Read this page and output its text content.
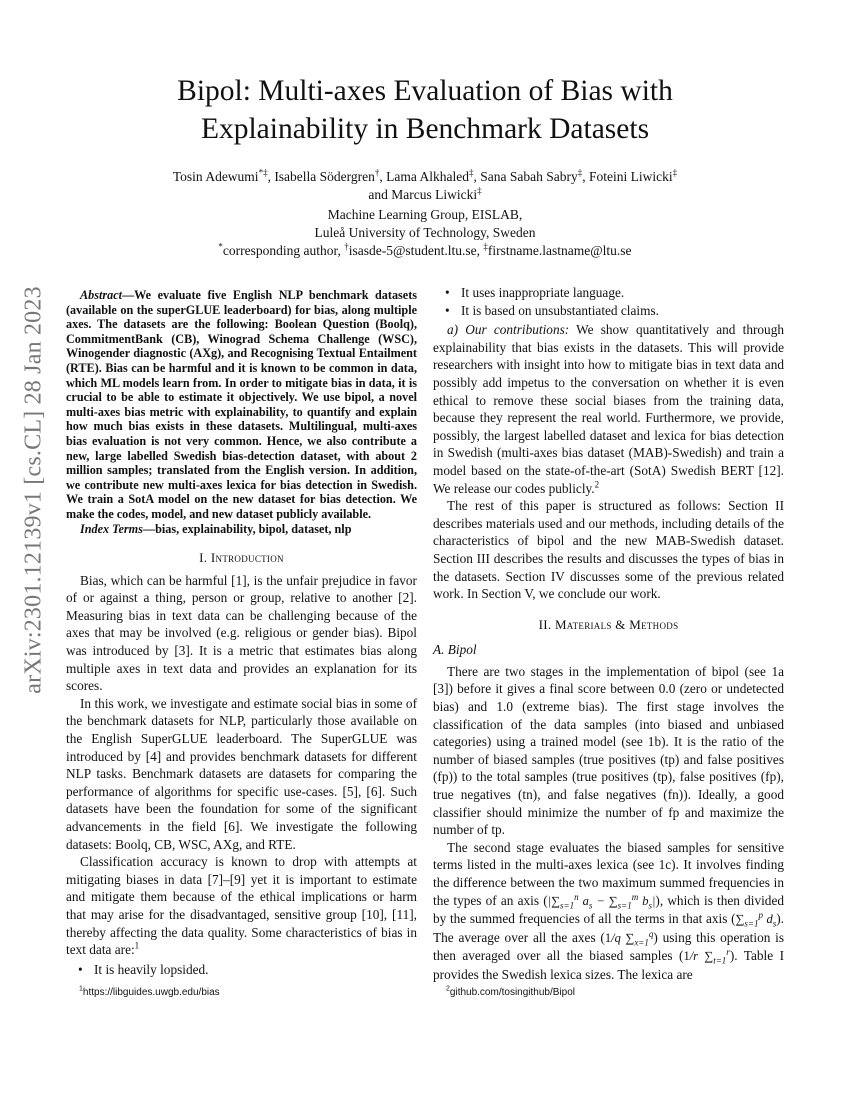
arXiv:2301.12139v1 [cs.CL] 28 Jan 2023
Bipol: Multi-axes Evaluation of Bias with
Explainability in Benchmark Datasets
Tosin Adewumi*‡, Isabella Södergren†, Lama Alkhaled‡, Sana Sabah Sabry‡, Foteini Liwicki‡
and Marcus Liwicki‡
Machine Learning Group, EISLAB,
Luleå University of Technology, Sweden
*corresponding author, †isasde-5@student.ltu.se, ‡firstname.lastname@ltu.se
Abstract—We evaluate five English NLP benchmark datasets (available on the superGLUE leaderboard) for bias, along multiple axes. The datasets are the following: Boolean Question (Boolq), CommitmentBank (CB), Winograd Schema Challenge (WSC), Winogender diagnostic (AXg), and Recognising Textual Entailment (RTE). Bias can be harmful and it is known to be common in data, which ML models learn from. In order to mitigate bias in data, it is crucial to be able to estimate it objectively. We use bipol, a novel multi-axes bias metric with explainability, to quantify and explain how much bias exists in these datasets. Multilingual, multi-axes bias evaluation is not very common. Hence, we also contribute a new, large labelled Swedish bias-detection dataset, with about 2 million samples; translated from the English version. In addition, we contribute new multi-axes lexica for bias detection in Swedish. We train a SotA model on the new dataset for bias detection. We make the codes, model, and new dataset publicly available.
Index Terms—bias, explainability, bipol, dataset, nlp
I. Introduction

Bias, which can be harmful [1], is the unfair prejudice in favor of or against a thing, person or group, relative to another [2]. Measuring bias in text data can be challenging because of the axes that may be involved (e.g. religious or gender bias). Bipol was introduced by [3]. It is a metric that estimates bias along multiple axes in text data and provides an explanation for its scores.

In this work, we investigate and estimate social bias in some of the benchmark datasets for NLP, particularly those available on the English SuperGLUE leaderboard. The SuperGLUE was introduced by [4] and provides benchmark datasets for different NLP tasks. Benchmark datasets are datasets for comparing the performance of algorithms for specific use-cases. [5], [6]. Such datasets have been the foundation for some of the significant advancements in the field [6]. We investigate the following datasets: Boolq, CB, WSC, AXg, and RTE.

Classification accuracy is known to drop with attempts at mitigating biases in data [7]–[9] yet it is important to estimate and mitigate them because of the ethical implications or harm that may arise for the disadvantaged, sensitive group [10], [11], thereby affecting the data quality. Some characteristics of bias in text data are:$^1$

• It is heavily lopsided.
• It uses inappropriate language.
• It is based on unsubstantiated claims.

a) Our contributions: We show quantitatively and through explainability that bias exists in the datasets. This will provide researchers with insight into how to mitigate bias in text data and possibly add impetus to the conversation on whether it is even ethical to remove these social biases from the training data, because they represent the real world. Furthermore, we provide, possibly, the largest labelled dataset and lexica for bias detection in Swedish (multi-axes bias dataset (MAB)-Swedish) and train a model based on the state-of-the-art (SotA) Swedish BERT [12]. We release our codes publicly.$^2$

The rest of this paper is structured as follows: Section II describes materials used and our methods, including details of the characteristics of bipol and the new MAB-Swedish dataset. Section III describes the results and discusses the types of bias in the datasets. Section IV discusses some of the previous related work. In Section V, we conclude our work.

II. Materials & Methods
A. Bipol

There are two stages in the implementation of bipol (see 1a [3]) before it gives a final score between 0.0 (zero or undetected bias) and 1.0 (extreme bias). The first stage involves the classification of the data samples (into biased and unbiased categories) using a trained model (see 1b). It is the ratio of the number of biased samples (true positives (tp) and false positives (fp)) to the total samples (true positives (tp), false positives (fp), true negatives (tn), and false negatives (fn)). Ideally, a good classifier should minimize the number of fp and maximize the number of tp.

The second stage evaluates the biased samples for sensitive terms listed in the multi-axes lexica (see 1c). It involves finding the difference between the two maximum summed frequencies in the types of an axis ($|\sum_{s=1}^n$ $a_s - \sum_{s=1}^m$ $b_s|$), which is then divided by the summed frequencies of all the terms in that axis ($\sum_{s=1}^p$ $d_s$). The average over all the axes (1/q $\sum_{x=1}^q$) using this operation is then averaged over all the biased samples (1/r $\sum_{t=1}^r$). Table I provides the Swedish lexica sizes. The lexica are

$^1$https://libguides.uwgb.edu/bias	$^2$github.com/tosingithub/Bipol
